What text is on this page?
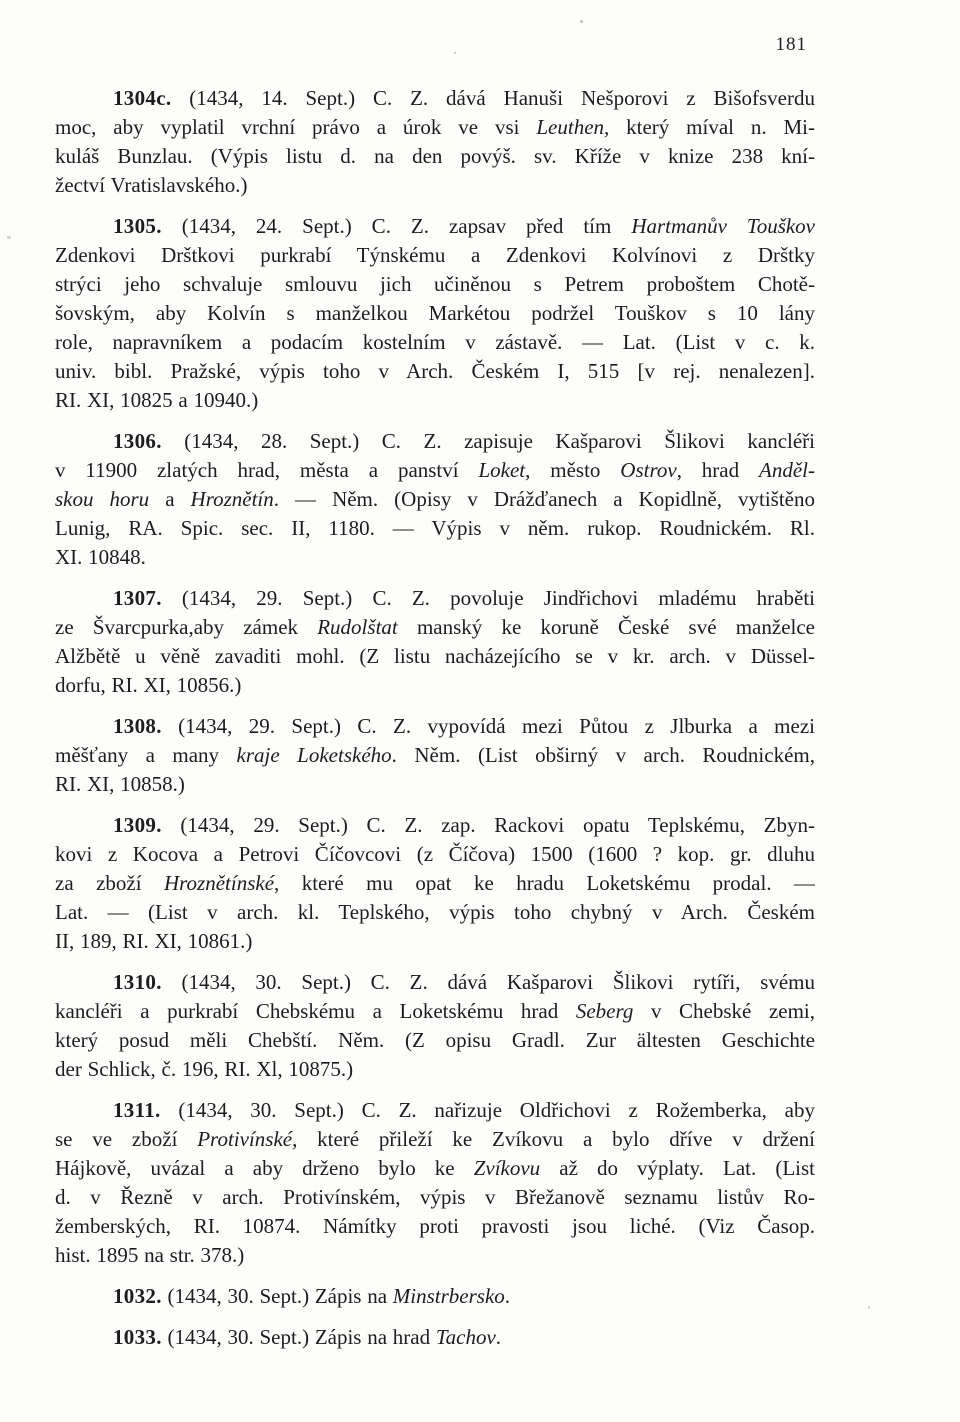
181
1304c. (1434, 14. Sept.) C. Z. dává Hanuši Nešporovi z Bišofsverdu
moc, aby vyplatil vrchní právo a úrok ve vsi Leuthen, který míval n. Mi-
kuláš Bunzlau. (Výpis listu d. na den povýš. sv. Kříže v knize 238 kní-
žectví Vratislavského.)
1305. (1434, 24. Sept.) C. Z. zapsav před tím Hartmanův Touškov
Zdenkovi Drštkovi purkrabí Týnskému a Zdenkovi Kolvínovi z Drštky
strýci jeho schvaluje smlouvu jich učiněnou s Petrem proboštem Chotě-
šovským, aby Kolvín s manželkou Markétou podržel Touškov s 10 lány
role, napravníkem a podacím kostelním v zástavě. — Lat. (List v c. k.
univ. bibl. Pražské, výpis toho v Arch. Českém I, 515 [v rej. nenalezen].
RI. XI, 10825 a 10940.)
1306. (1434, 28. Sept.) C. Z. zapisuje Kašparovi Šlikovi kancléři
v 11900 zlatých hrad, města a panství Loket, město Ostrov, hrad Anděl-
skou horu a Hroznětín. — Něm. (Opisy v Drážďanech a Kopidlně, vytištěno
Lunig, RA. Spic. sec. II, 1180. — Výpis v něm. rukop. Roudnickém. Rl.
XI. 10848.
1307. (1434, 29. Sept.) C. Z. povoluje Jindřichovi mladému hraběti
ze Švarcpurka,aby zámek Rudolštat manský ke koruně České své manželce
Alžbětě u věně zavaditi mohl. (Z listu nacházejícího se v kr. arch. v Düssel-
dorfu, RI. XI, 10856.)
1308. (1434, 29. Sept.) C. Z. vypovídá mezi Půtou z Jlburka a mezi
měšťany a many kraje Loketského. Něm. (List obširný v arch. Roudnickém,
RI. XI, 10858.)
1309. (1434, 29. Sept.) C. Z. zap. Rackovi opatu Teplskému, Zbyn-
kovi z Kocova a Petrovi Číčovcovi (z Číčova) 1500 (1600 ? kop. gr. dluhu
za zboží Hroznětínské, které mu opat ke hradu Loketskému prodal. —
Lat. — (List v arch. kl. Teplského, výpis toho chybný v Arch. Českém
II, 189, RI. XI, 10861.)
1310. (1434, 30. Sept.) C. Z. dává Kašparovi Šlikovi rytíři, svému
kancléři a purkrabí Chebskému a Loketskému hrad Seberg v Chebské zemi,
který posud měli Chebští. Něm. (Z opisu Gradl. Zur ältesten Geschichte
der Schlick, č. 196, RI. Xl, 10875.)
1311. (1434, 30. Sept.) C. Z. nařizuje Oldřichovi z Rožemberka, aby
se ve zboží Protivínské, které přileží ke Zvíkovu a bylo dříve v držení
Hájkově, uvázal a aby drženo bylo ke Zvíkovu až do výplaty. Lat. (List
d. v Řezně v arch. Protivínském, výpis v Břežanově seznamu listův Ro-
žemberských, RI. 10874. Námítky proti pravosti jsou liché. (Viz Časop.
hist. 1895 na str. 378.)
1032. (1434, 30. Sept.) Zápis na Minstrbersko.
1033. (1434, 30. Sept.) Zápis na hrad Tachov.
